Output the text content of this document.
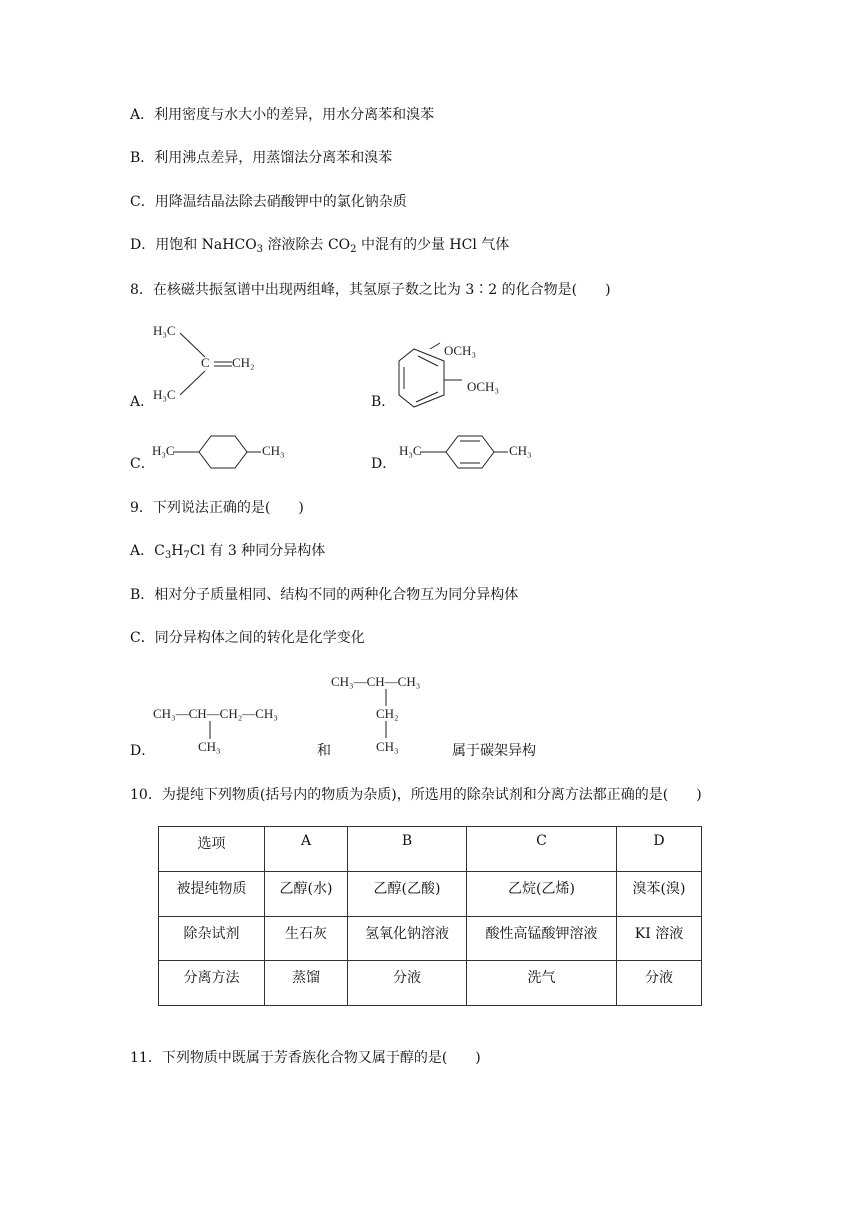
A．利用密度与水大小的差异，用水分离苯和溴苯
B．利用沸点差异，用蒸馏法分离苯和溴苯
C．用降温结晶法除去硝酸钾中的氯化钠杂质
D．用饱和 NaHCO$_3$ 溶液除去 $CO_2$ 中混有的少量 HCl 气体
8．在核磁共振氢谱中出现两组峰，其氢原子数之比为 3∶2 的化合物是(　　)
A．
H₃C
H₃C
C CH₂
B．
OCH₃
OCH₃
C．
H₃C	CH₃
D．
H₃C	CH₃
9．下列说法正确的是(　　)
A．$C_3H_7Cl$ 有 3 种同分异构体
B．相对分子质量相同、结构不同的两种化合物互为同分异构体
C．同分异构体之间的转化是化学变化
D．
CH₃—CH—CH₂—CH₃
CH₃	和
CH₃—CH—CH₃
CH₂
CH₃	属于碳架异构
10．为提纯下列物质(括号内的物质为杂质)，所选用的除杂试剂和分离方法都正确的是(　　)
选项	A	B	C	D
被提纯物质	乙醇(水)	乙醇(乙酸)	乙烷(乙烯)	溴苯(溴)
除杂试剂	生石灰	氢氧化钠溶液	酸性高锰酸钾溶液	KI 溶液
分离方法	蒸馏	分液	洗气	分液
11．下列物质中既属于芳香族化合物又属于醇的是(　　)
